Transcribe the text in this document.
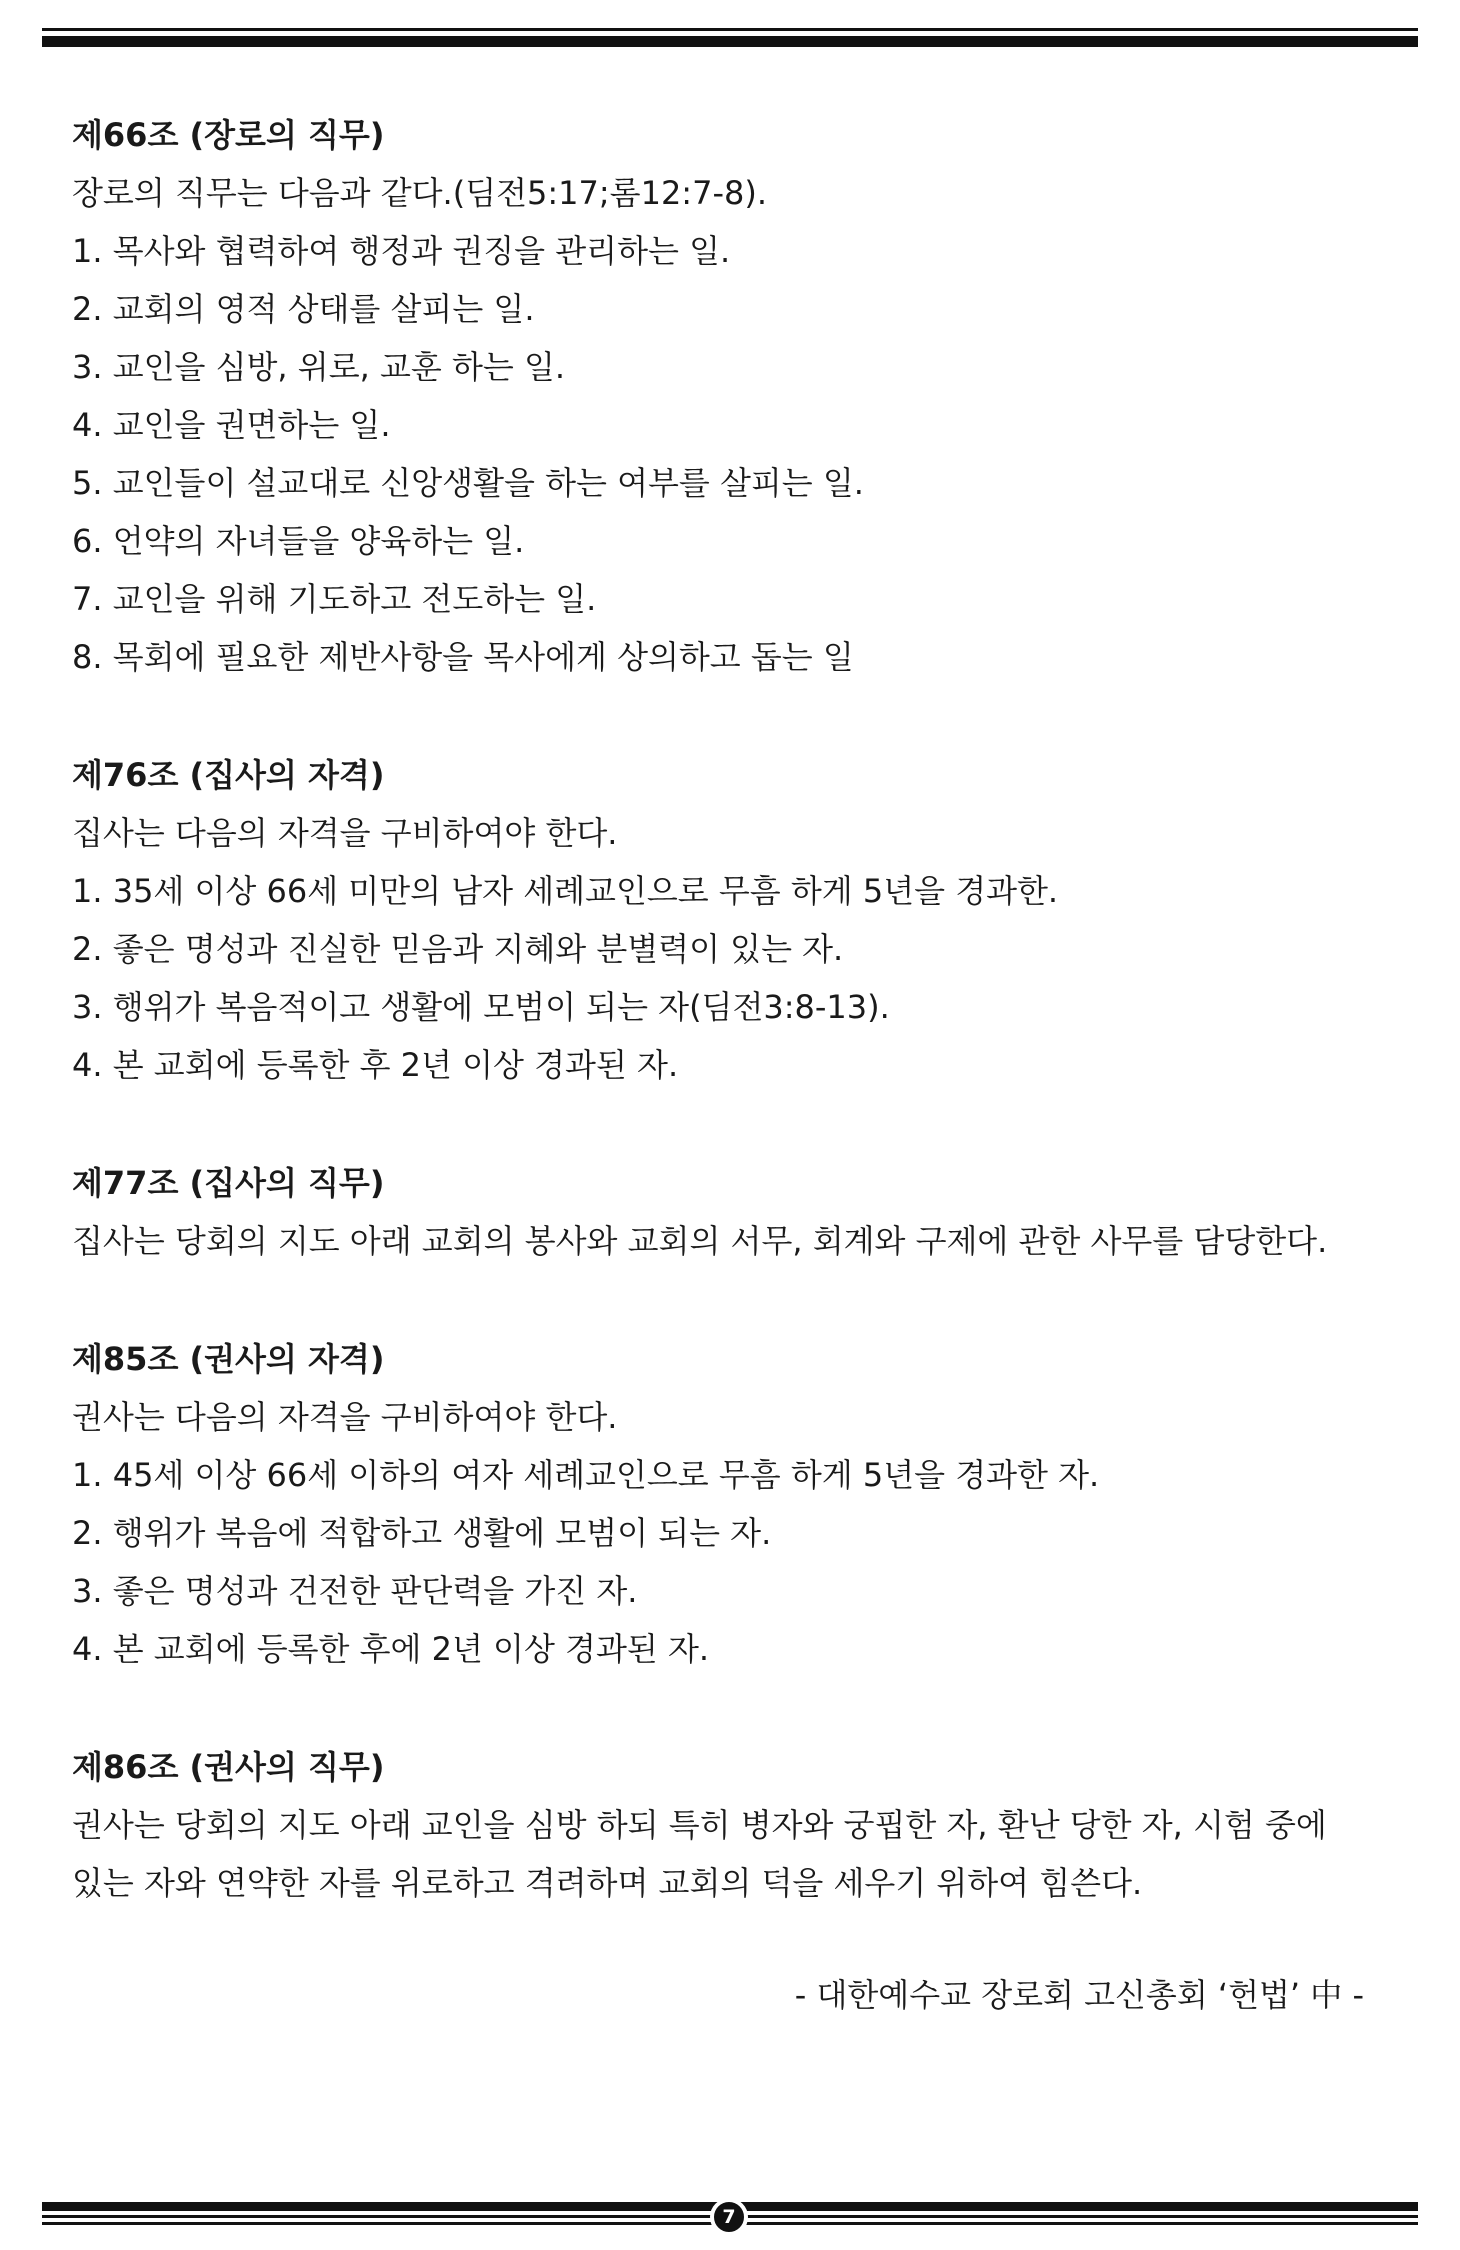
제66조 (장로의 직무)
장로의 직무는 다음과 같다.(딤전5:17;롬12:7-8).
1. 목사와 협력하여 행정과 권징을 관리하는 일.
2. 교회의 영적 상태를 살피는 일.
3. 교인을 심방, 위로, 교훈 하는 일.
4. 교인을 권면하는 일.
5. 교인들이 설교대로 신앙생활을 하는 여부를 살피는 일.
6. 언약의 자녀들을 양육하는 일.
7. 교인을 위해 기도하고 전도하는 일.
8. 목회에 필요한 제반사항을 목사에게 상의하고 돕는 일
제76조 (집사의 자격)
집사는 다음의 자격을 구비하여야 한다.
1. 35세 이상 66세 미만의 남자 세례교인으로 무흠 하게 5년을 경과한.
2. 좋은 명성과 진실한 믿음과 지혜와 분별력이 있는 자.
3. 행위가 복음적이고 생활에 모범이 되는 자(딤전3:8-13).
4. 본 교회에 등록한 후 2년 이상 경과된 자.
제77조 (집사의 직무)
집사는 당회의 지도 아래 교회의 봉사와 교회의 서무, 회계와 구제에 관한 사무를 담당한다.
제85조 (권사의 자격)
권사는 다음의 자격을 구비하여야 한다.
1. 45세 이상 66세 이하의 여자 세례교인으로 무흠 하게 5년을 경과한 자.
2. 행위가 복음에 적합하고 생활에 모범이 되는 자.
3. 좋은 명성과 건전한 판단력을 가진 자.
4. 본 교회에 등록한 후에 2년 이상 경과된 자.
제86조 (권사의 직무)
권사는 당회의 지도 아래 교인을 심방 하되 특히 병자와 궁핍한 자, 환난 당한 자, 시험 중에
있는 자와 연약한 자를 위로하고 격려하며 교회의 덕을 세우기 위하여 힘쓴다.
- 대한예수교 장로회 고신총회 ‘헌법’ 中 -
7
